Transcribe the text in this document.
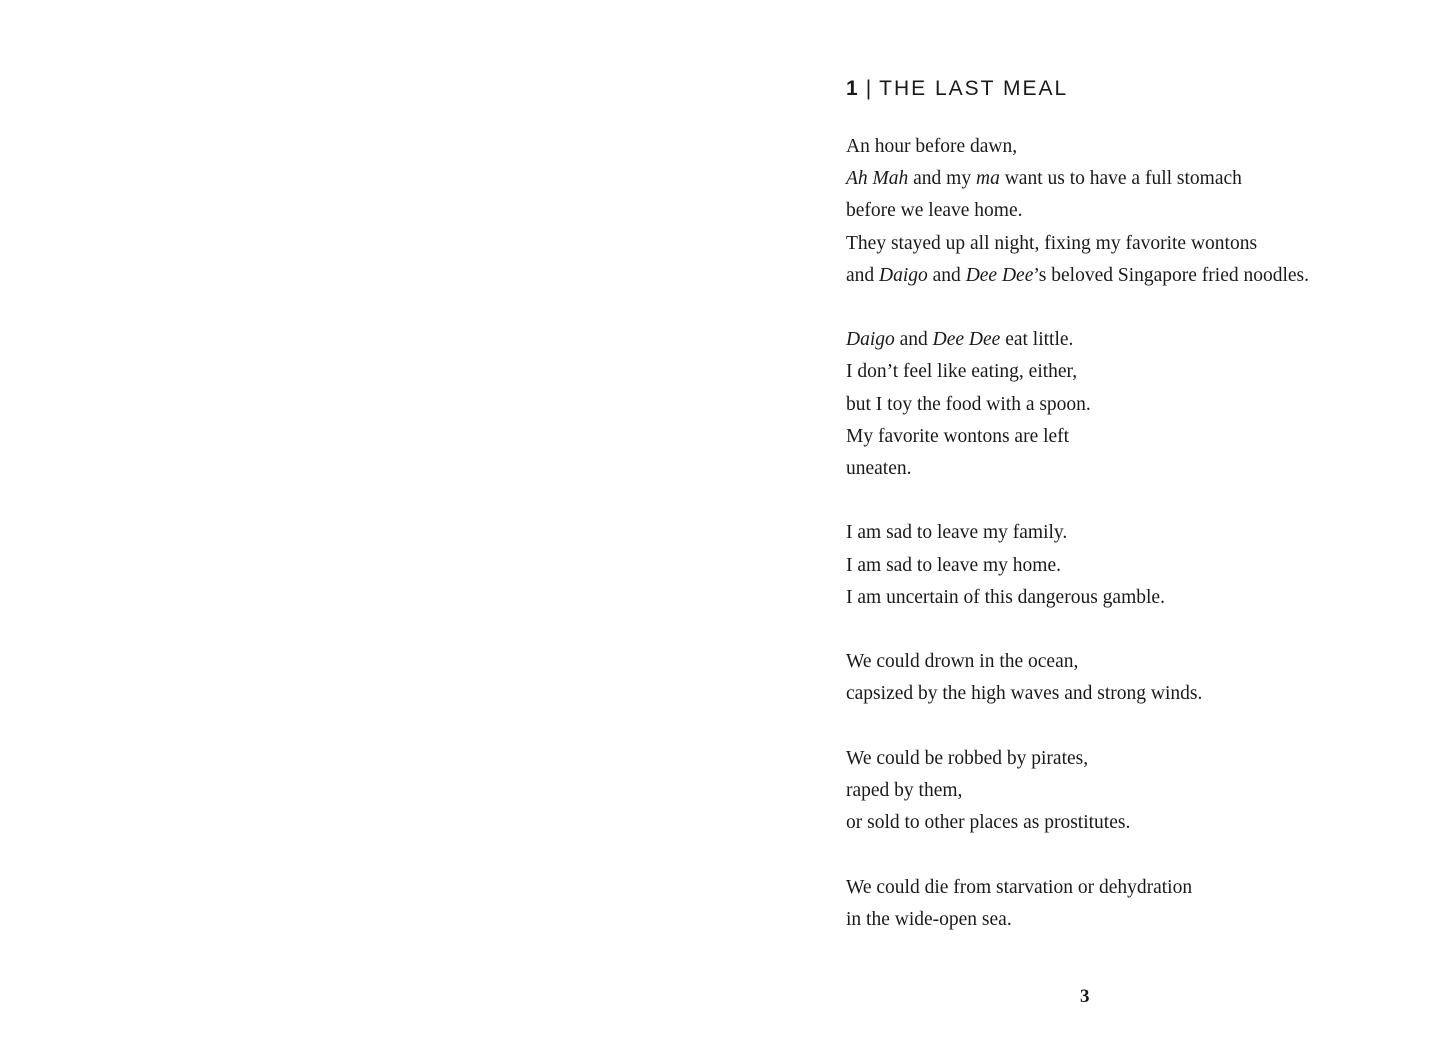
1 | THE LAST MEAL
An hour before dawn,
Ah Mah and my ma want us to have a full stomach
before we leave home.
They stayed up all night, fixing my favorite wontons
and Daigo and Dee Dee’s beloved Singapore fried noodles.
Daigo and Dee Dee eat little.
I don’t feel like eating, either,
but I toy the food with a spoon.
My favorite wontons are left
uneaten.
I am sad to leave my family.
I am sad to leave my home.
I am uncertain of this dangerous gamble.
We could drown in the ocean,
capsized by the high waves and strong winds.
We could be robbed by pirates,
raped by them,
or sold to other places as prostitutes.
We could die from starvation or dehydration
in the wide-open sea.
3
